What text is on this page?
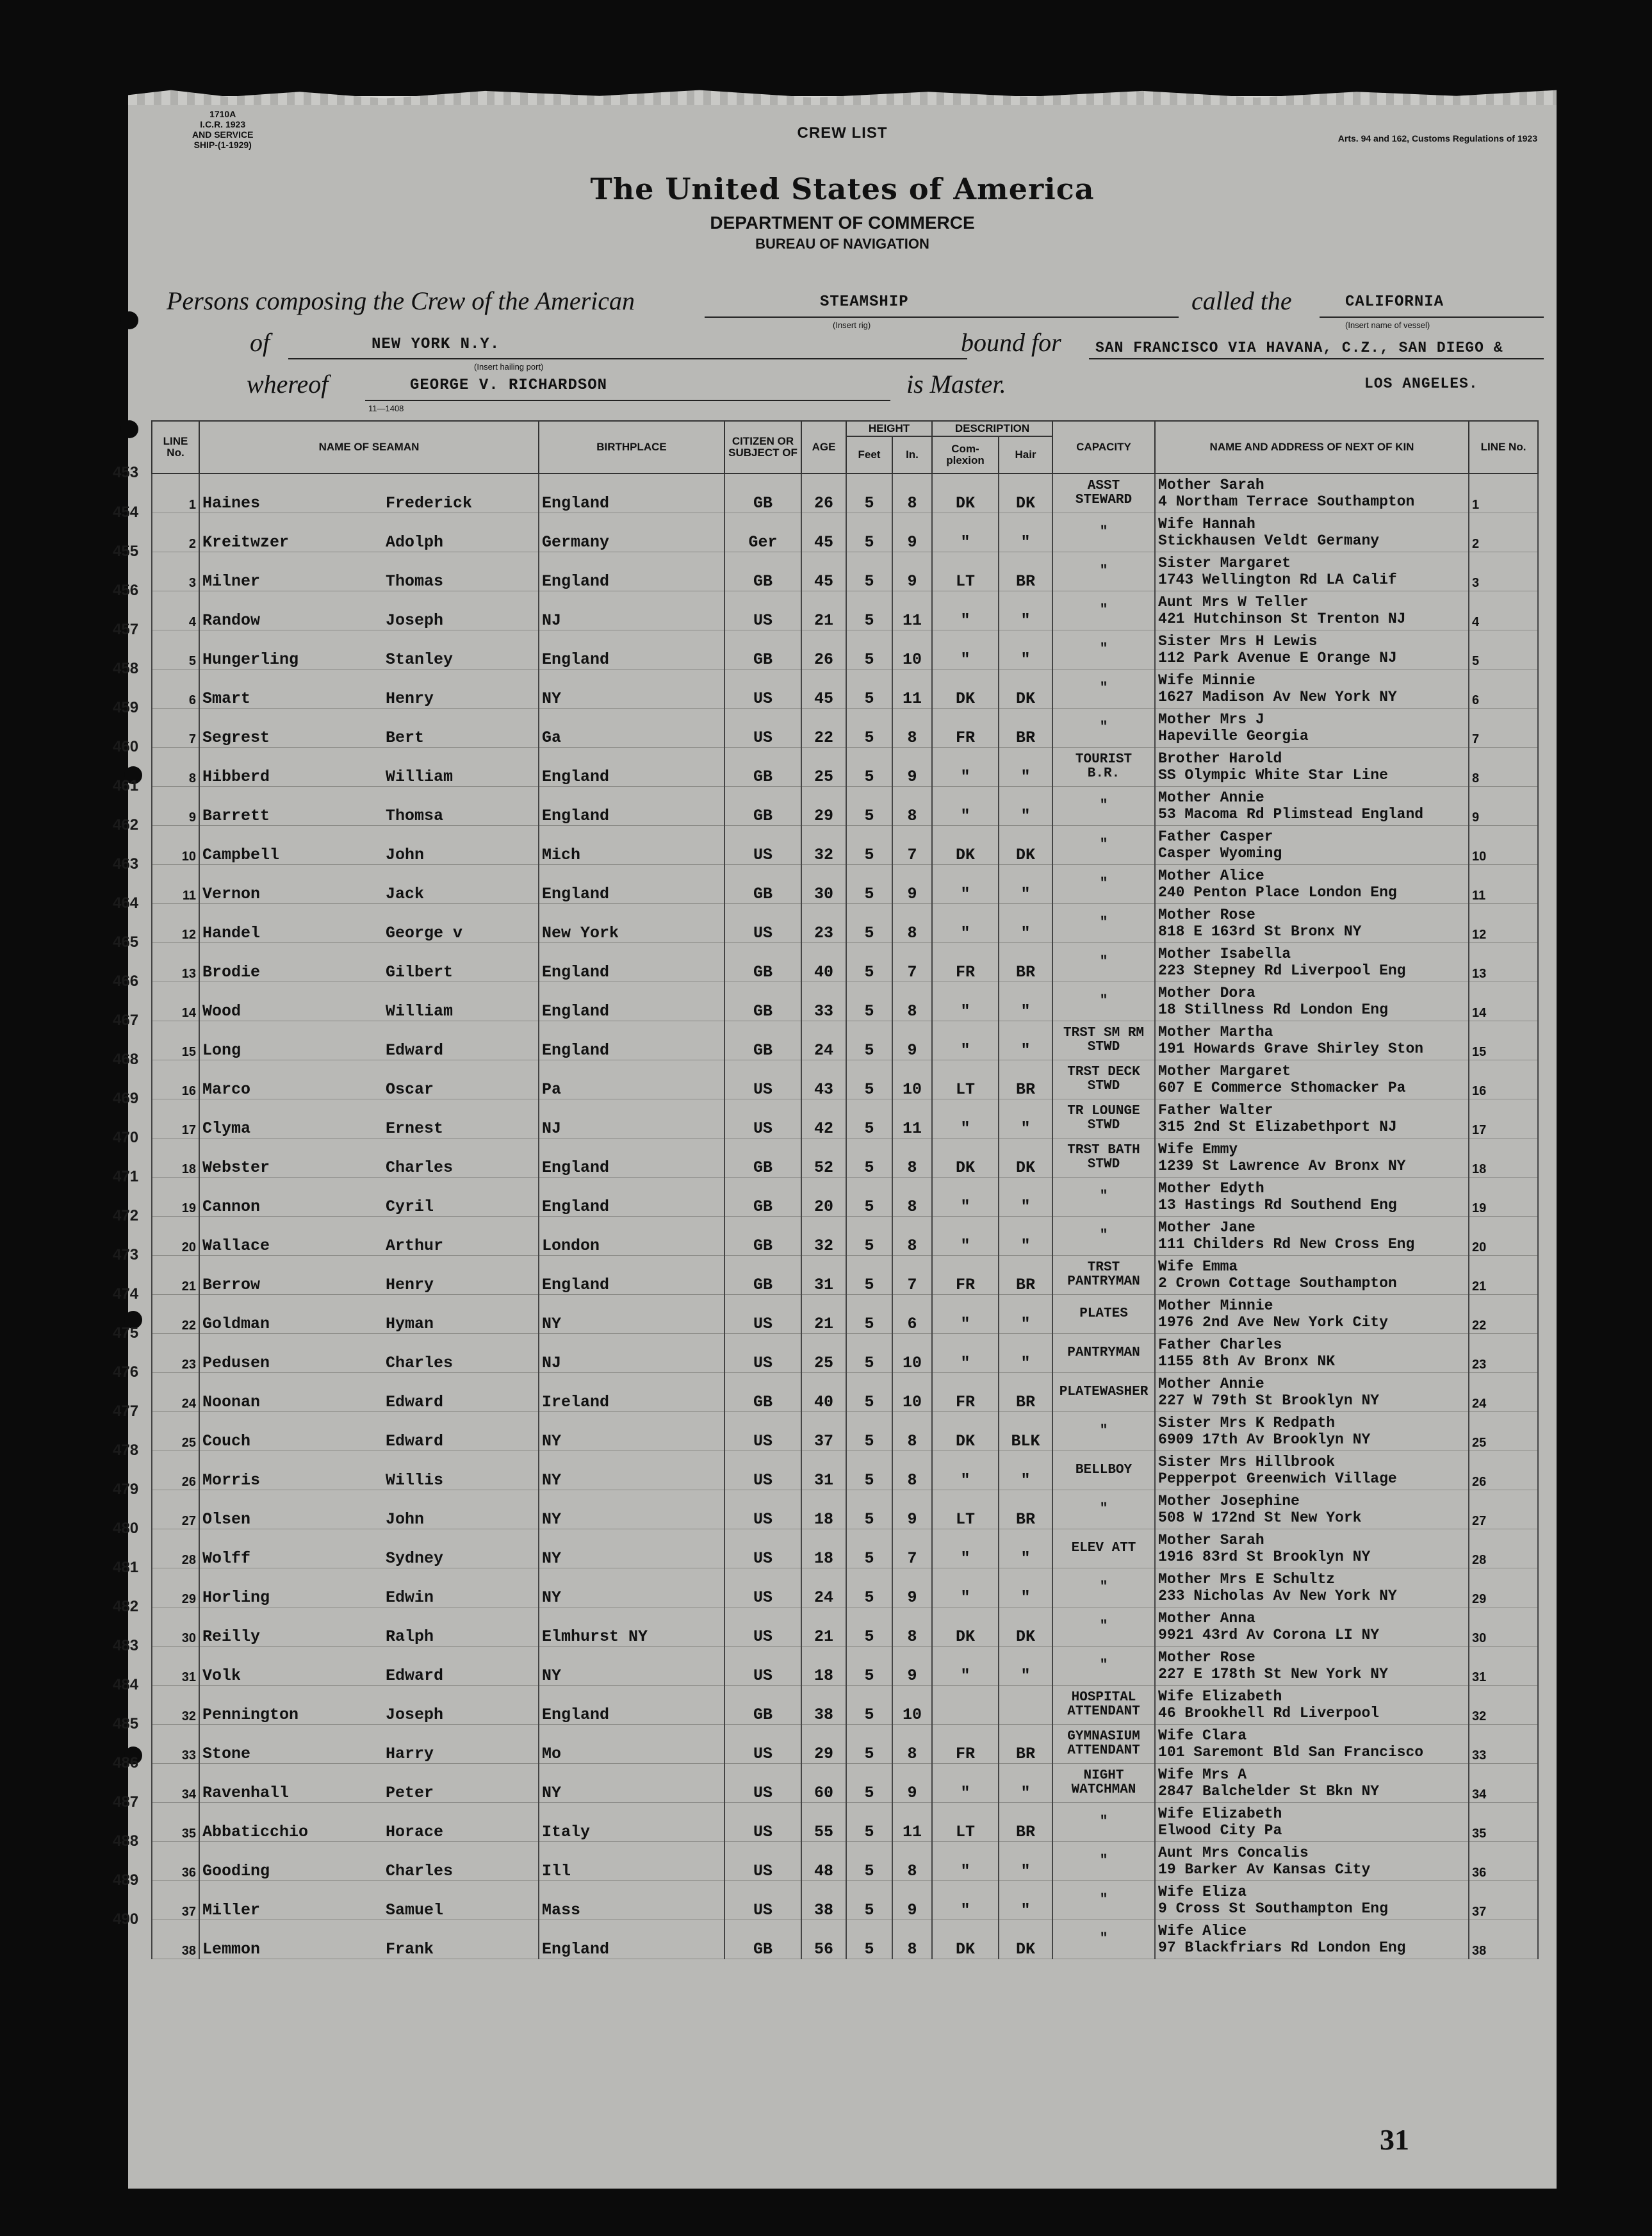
1710A
I.C.R. 1923
AND SERVICE
SHIP-(1-1929)
Arts. 94 and 162, Customs Regulations of 1923
CREW LIST
The United States of America
DEPARTMENT OF COMMERCE
BUREAU OF NAVIGATION
Persons composing the Crew of the American	STEAMSHIP
(Insert rig)
called the	CALIFORNIA
(Insert name of vessel)
of	NEW YORK N.Y.
(Insert hailing port)
bound for SAN FRANCISCO VIA HAVANA, C.Z., SAN DIEGO &
whereof	GEORGE V. RICHARDSON
11—1408
is Master.	LOS ANGELES.
LINE No.	NAME OF SEAMAN	BIRTHPLACE	CITIZEN OR SUBJECT OF	AGE	HEIGHT		DESCRIPTION		CAPACITY	NAME AND ADDRESS OF NEXT OF KIN	LINE No.
					Feet	In.	Com-plexion	Hair			
1	Haines Frederick	England	GB	26	5	8	DK	DK	ASST STEWARD	Mother Sarah
4 Northam Terrace Southampton	1
2	Kreitwzer Adolph	Germany	Ger	45	5	9	"	"	"	Wife Hannah
Stickhausen Veldt Germany	2
3	Milner Thomas	England	GB	45	5	9	LT	BR	"	Sister Margaret
1743 Wellington Rd LA Calif	3
4	Randow Joseph	NJ	US	21	5	11	"	"	"	Aunt Mrs W Teller
421 Hutchinson St Trenton NJ	4
5	Hungerling Stanley	England	GB	26	5	10	"	"	"	Sister Mrs H Lewis
112 Park Avenue E Orange NJ	5
6	Smart Henry	NY	US	45	5	11	DK	DK	"	Wife Minnie
1627 Madison Av New York NY	6
7	Segrest Bert	Ga	US	22	5	8	FR	BR	"	Mother Mrs J
Hapeville Georgia	7
8	Hibberd William	England	GB	25	5	9	"	"	TOURIST B.R.	Brother Harold
SS Olympic White Star Line	8
9	Barrett Thomsa	England	GB	29	5	8	"	"	"	Mother Annie
53 Macoma Rd Plimstead England	9
10	Campbell John	Mich	US	32	5	7	DK	DK	"	Father Casper
Casper Wyoming	10
11	Vernon Jack	England	GB	30	5	9	"	"	"	Mother Alice
240 Penton Place London Eng	11
12	Handel George v	New York	US	23	5	8	"	"	"	Mother Rose
818 E 163rd St Bronx NY	12
13	Brodie Gilbert	England	GB	40	5	7	FR	BR	"	Mother Isabella
223 Stepney Rd Liverpool Eng	13
14	Wood William	England	GB	33	5	8	"	"	"	Mother Dora
18 Stillness Rd London Eng	14
15	Long Edward	England	GB	24	5	9	"	"	TRST SM RM STWD	Mother Martha
191 Howards Grave Shirley Ston	15
16	Marco Oscar	Pa	US	43	5	10	LT	BR	TRST DECK STWD	Mother Margaret
607 E Commerce Sthomacker Pa	16
17	Clyma Ernest	NJ	US	42	5	11	"	"	TR LOUNGE STWD	Father Walter
315 2nd St Elizabethport NJ	17
18	Webster Charles	England	GB	52	5	8	DK	DK	TRST BATH STWD	Wife Emmy
1239 St Lawrence Av Bronx NY	18
19	Cannon Cyril	England	GB	20	5	8	"	"	"	Mother Edyth
13 Hastings Rd Southend Eng	19
20	Wallace Arthur	London	GB	32	5	8	"	"	"	Mother Jane
111 Childers Rd New Cross Eng	20
21	Berrow Henry	England	GB	31	5	7	FR	BR	TRST PANTRYMAN	Wife Emma
2 Crown Cottage Southampton	21
22	Goldman Hyman	NY	US	21	5	6	"	"	PLATES	Mother Minnie
1976 2nd Ave New York City	22
23	Pedusen Charles	NJ	US	25	5	10	"	"	PANTRYMAN	Father Charles
1155 8th Av Bronx NK	23
24	Noonan Edward	Ireland	GB	40	5	10	FR	BR	PLATEWASHER	Mother Annie
227 W 79th St Brooklyn NY	24
25	Couch Edward	NY	US	37	5	8	DK	BLK	"	Sister Mrs K Redpath
6909 17th Av Brooklyn NY	25
26	Morris Willis	NY	US	31	5	8	"	"	BELLBOY	Sister Mrs Hillbrook
Pepperpot Greenwich Village	26
27	Olsen John	NY	US	18	5	9	LT	BR	"	Mother Josephine
508 W 172nd St New York	27
28	Wolff Sydney	NY	US	18	5	7	"	"	ELEV ATT	Mother Sarah
1916 83rd St Brooklyn NY	28
29	Horling Edwin	NY	US	24	5	9	"	"	"	Mother Mrs E Schultz
233 Nicholas Av New York NY	29
30	Reilly Ralph	Elmhurst NY	US	21	5	8	DK	DK	"	Mother Anna
9921 43rd Av Corona LI NY	30
31	Volk Edward	NY	US	18	5	9	"	"	"	Mother Rose
227 E 178th St New York NY	31
32	Pennington Joseph	England	GB	38	5	10			HOSPITAL ATTENDANT	Wife Elizabeth
46 Brookhell Rd Liverpool	32
33	Stone Harry	Mo	US	29	5	8	FR	BR	GYMNASIUM ATTENDANT	Wife Clara
101 Saremont Bld San Francisco	33
34	Ravenhall Peter	NY	US	60	5	9	"	"	NIGHT WATCHMAN	Wife Mrs A
2847 Balchelder St Bkn NY	34
35	Abbaticchio Horace	Italy	US	55	5	11	LT	BR	"	Wife Elizabeth
Elwood City Pa	35
36	Gooding Charles	Ill	US	48	5	8	"	"	"	Aunt Mrs Concalis
19 Barker Av Kansas City	36
37	Miller Samuel	Mass	US	38	5	9	"	"	"	Wife Eliza
9 Cross St Southampton Eng	37
38	Lemmon Frank	England	GB	56	5	8	DK	DK	"	Wife Alice
97 Blackfriars Rd London Eng	38
453
454
455
456
457
458
459
460
461
462
463
464
465
466
467
468
469
470
471
472
473
474
475
476
477
478
479
480
481
482
483
484
485
486
487
488
489
490
31
